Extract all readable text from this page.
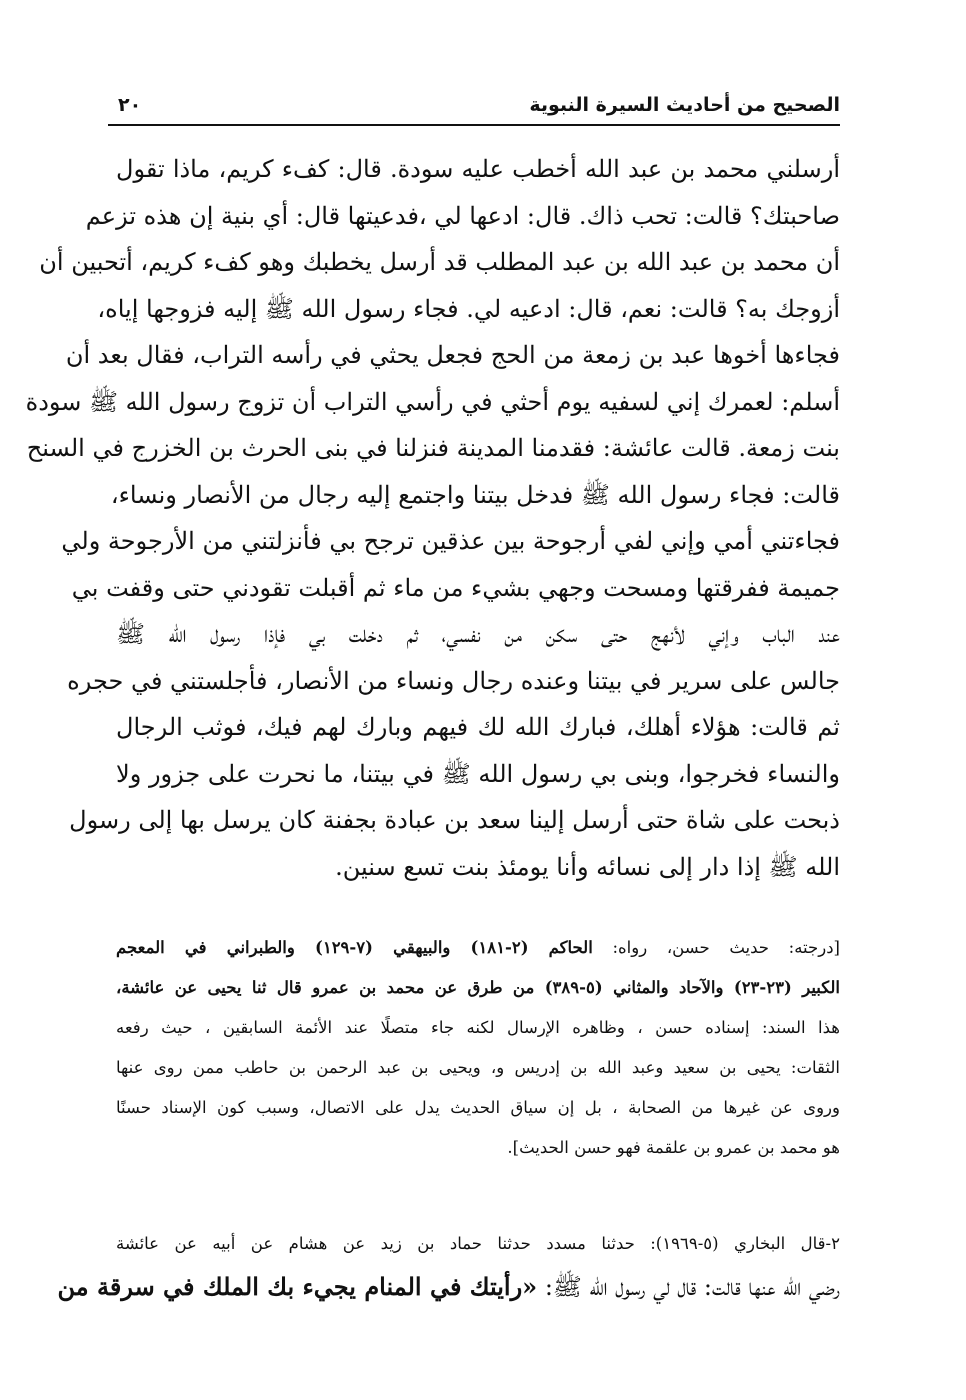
الصحيح من أحاديث السيرة النبوية
٢٠
أرسلني محمد بن عبد الله أخطب عليه سودة. قال: كفء كريم، ماذا تقول
صاحبتك؟ قالت: تحب ذاك. قال: ادعها لي ،فدعيتها قال: أي بنية إن هذه تزعم
أن محمد بن عبد الله بن عبد المطلب قد أرسل يخطبك وهو كفء كريم، أتحبين أن
أزوجك به؟ قالت: نعم، قال: ادعيه لي. فجاء رسول الله ﷺ إليه فزوجها إياه،
فجاءها أخوها عبد بن زمعة من الحج فجعل يحثي في رأسه التراب، فقال بعد أن
أسلم: لعمرك إني لسفيه يوم أحثي في رأسي التراب أن تزوج رسول الله ﷺ سودة
بنت زمعة. قالت عائشة: فقدمنا المدينة فنزلنا في بنى الحرث بن الخزرج في السنح
قالت: فجاء رسول الله ﷺ فدخل بيتنا واجتمع إليه رجال من الأنصار ونساء،
فجاءتني أمي وإني لفي أرجوحة بين عذقين ترجح بي فأنزلتني من الأرجوحة ولي
جميمة ففرقتها ومسحت وجهي بشيء من ماء ثم أقبلت تقودني حتى وقفت بي
عند الباب وإني لأنهج حتى سكن من نفسي، ثم دخلت بي فإذا رسول الله ﷺ
جالس على سرير في بيتنا وعنده رجال ونساء من الأنصار، فأجلستني في حجره
ثم قالت: هؤلاء أهلك، فبارك الله لك فيهم وبارك لهم فيك، فوثب الرجال
والنساء فخرجوا، وبنى بي رسول الله ﷺ في بيتنا، ما نحرت على جزور ولا
ذبحت على شاة حتى أرسل إلينا سعد بن عبادة بجفنة كان يرسل بها إلى رسول
الله ﷺ إذا دار إلى نسائه وأنا يومئذ بنت تسع سنين.
[درجته: حديث حسن، رواه: الحاكم (٢-١٨١) والبيهقي (٧-١٢٩) والطبراني في المعجم
الكبير (٢٣-٢٣) والآحاد والمثاني (٥-٣٨٩) من طرق عن محمد بن عمرو قال ثنا يحيى عن عائشة،
هذا السند: إسناده حسن ، وظاهره الإرسال لكنه جاء متصلًا عند الأئمة السابقين ، حيث رفعه
الثقات: يحيى بن سعيد وعبد الله بن إدريس و، ويحيى بن عبد الرحمن بن حاطب ممن روى عنها
وروى عن غيرها من الصحابة ، بل إن سياق الحديث يدل على الاتصال، وسبب كون الإسناد حسنًا
هو محمد بن عمرو بن علقمة فهو حسن الحديث].
٢-قال البخاري (٥-١٩٦٩): حدثنا مسدد حدثنا حماد بن زيد عن هشام عن أبيه عن عائشة
رضي الله عنها قالت: قال لي رسول الله ﷺ: «رأيتك في المنام يجيء بك الملك في سرقة من
